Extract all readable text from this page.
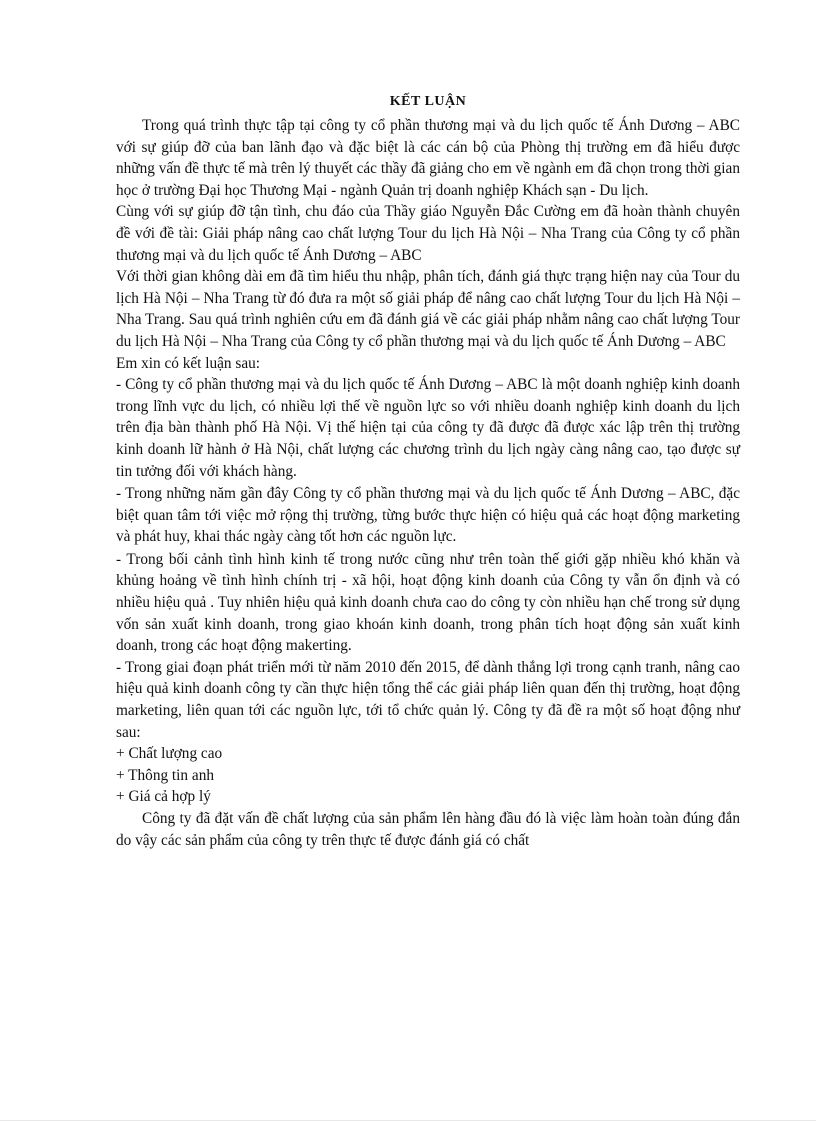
KẾT LUẬN

Trong quá trình thực tập tại công ty cổ phần thương mại và du lịch quốc tế Ánh Dương – ABC với sự giúp đỡ của ban lãnh đạo và đặc biệt là các cán bộ của Phòng thị trường em đã hiểu được những vấn đề thực tế mà trên lý thuyết các thầy đã giảng cho em về ngành em đã chọn trong thời gian học ở trường Đại học Thương Mại - ngành Quản trị doanh nghiệp Khách sạn - Du lịch.

Cùng với sự giúp đỡ tận tình, chu đáo của Thầy giáo Nguyễn Đắc Cường em đã hoàn thành chuyên đề với đề tài: Giải pháp nâng cao chất lượng Tour du lịch Hà Nội – Nha Trang của Công ty cổ phần thương mại và du lịch quốc tế Ánh Dương – ABC

Với thời gian không dài em đã tìm hiểu thu nhập, phân tích, đánh giá thực trạng hiện nay của Tour du lịch Hà Nội – Nha Trang từ đó đưa ra một số giải pháp để nâng cao chất lượng Tour du lịch Hà Nội – Nha Trang. Sau quá trình nghiên cứu em đã đánh giá về các giải pháp nhằm nâng cao chất lượng Tour du lịch Hà Nội – Nha Trang của Công ty cổ phần thương mại và du lịch quốc tế Ánh Dương – ABC

Em xin có kết luận sau:

- Công ty cổ phần thương mại và du lịch quốc tế Ánh Dương – ABC là một doanh nghiệp kinh doanh trong lĩnh vực du lịch, có nhiều lợi thế về nguồn lực so với nhiều doanh nghiệp kinh doanh du lịch trên địa bàn thành phố Hà Nội. Vị thế hiện tại của công ty đã được đã được xác lập trên thị trường kinh doanh lữ hành ở Hà Nội, chất lượng các chương trình du lịch ngày càng nâng cao, tạo được sự tin tưởng đối với khách hàng.

- Trong những năm gần đây Công ty cổ phần thương mại và du lịch quốc tế Ánh Dương – ABC, đặc biệt quan tâm tới việc mở rộng thị trường, từng bước thực hiện có hiệu quả các hoạt động marketing và phát huy, khai thác ngày càng tốt hơn các nguồn lực.

- Trong bối cảnh tình hình kinh tế trong nước cũng như trên toàn thế giới gặp nhiều khó khăn và khủng hoảng về tình hình chính trị - xã hội, hoạt động kinh doanh của Công ty vẫn ổn định và có nhiều hiệu quả . Tuy nhiên hiệu quả kinh doanh chưa cao do công ty còn nhiều hạn chế trong sử dụng vốn sản xuất kinh doanh, trong giao khoán kinh doanh, trong phân tích hoạt động sản xuất kinh doanh, trong các hoạt động makerting.

- Trong giai đoạn phát triển mới từ năm 2010 đến 2015, để dành thắng lợi trong cạnh tranh, nâng cao hiệu quả kinh doanh công ty cần thực hiện tổng thể các giải pháp liên quan đến thị trường, hoạt động marketing, liên quan tới các nguồn lực, tới tổ chức quản lý. Công ty đã đề ra một số hoạt động như sau:

+ Chất lượng cao

+ Thông tin anh

+ Giá cả hợp lý

Công ty đã đặt vấn đề chất lượng của sản phẩm lên hàng đầu đó là việc làm hoàn toàn đúng đắn do vậy các sản phẩm của công ty trên thực tế được đánh giá có chất
